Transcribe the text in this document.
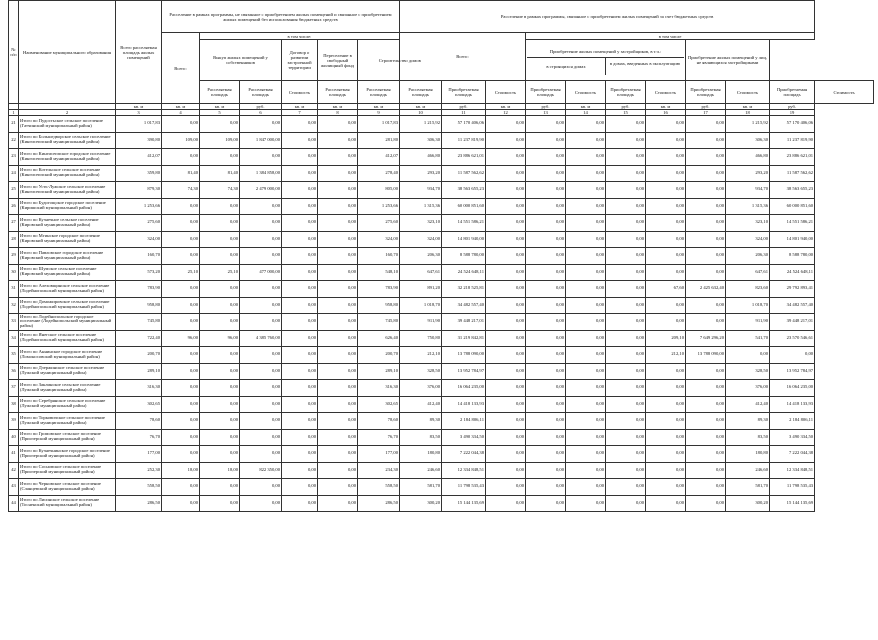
№ п/п	Наименование муниципального образования	Всего расселяемая площадь жилых помещений	Расселение в рамках программы, не связанное с приобретением жилых помещений и связанное с приобретением жилых помещений без использования бюджетных средств						Расселение в рамках программы, связанное с приобретением жилых помещений за счет бюджетных средств										
			Всего:	в том числе:					Всего:			в том числе							
				Выкуп жилых помещений у собственников		Договор о развитии застроенной территории	Переселение в свободный жилищный фонд	Строительство домов				Приобретение жилых помещений у застройщиков, в т.ч.:
в строящихся домах
в домах, введенных в эксплуатацию				Приобретение жилых помещений у лиц, не являющихся застройщиками			
				Расселяемая площадь	Расселяемая площадь	Стоимость	Расселяемая площадь	Расселяемая площадь	Расселяемая площадь	Приобретаемая площадь	Стоимость	Приобретаемая площадь	Стоимость	Приобретаемая площадь	Стоимость	Приобретаемая площадь	Стоимость	Приобретаемая площадь	Стоимость
		кв. м	кв. м	кв. м	руб.	кв. м	кв. м	кв. м	кв. м	руб.	кв. м	руб.	кв. м	руб.	кв. м	руб.	кв. м	руб.	
1	2	3	4	5	6	7	8	9	10	11	12	13	14	15	16	17	18	19	
21	Итого по Пудостьское сельское поселение (Гатчинский муниципальный район)	1 017,83	0,00	0,00	0,00	0,00	0,00	1 017,83	1 215,92	57 170 406,06	0,00	0,00	0,00	0,00	0,00	0,00	1 215,92	57 170 406,06	
22	Итого по Большедворское сельское поселение (Кингисеппский муниципальный район)	390,80	109,00	109,00	1 847 000,00	0,00	0,00	281,80	306,30	11 237 819,90	0,00	0,00	0,00	0,00	0,00	0,00	306,30	11 237 819,90	
23	Итого по Кингисеппское городское поселение (Кингисеппский муниципальный район)	412,07	0,00	0,00	0,00	0,00	0,00	412,07	466,80	23 886 621,01	0,00	0,00	0,00	0,00	0,00	0,00	466,80	23 886 621,01	
24	Итого по Котельское сельское поселение (Кингисеппский муниципальный район)	359,80	81,40	81,40	1 384 858,00	0,00	0,00	278,40	293,20	11 587 562,62	0,00	0,00	0,00	0,00	0,00	0,00	293,20	11 587 562,62	
25	Итого по Усть-Лужское сельское поселение (Кингисеппский муниципальный район)	879,30	74,30	74,30	2 479 000,00	0,00	0,00	805,00	934,70	38 563 655,23	0,00	0,00	0,00	0,00	0,00	0,00	934,70	38 563 655,23	
26	Итого по Будогощское городское поселение (Киришский муниципальный район)	1 253,66	0,00	0,00	0,00	0,00	0,00	1 253,66	1 315,36	60 000 851,60	0,00	0,00	0,00	0,00	0,00	0,00	1 315,36	60 000 851,60	
27	Итого по Кузнечное сельское поселение (Кировский муниципальный район)	275,60	0,00	0,00	0,00	0,00	0,00	275,60	323,10	14 551 586,21	0,00	0,00	0,00	0,00	0,00	0,00	323,10	14 551 586,21	
28	Итого по Мгинское городское поселение (Кировский муниципальный район)	324,00	0,00	0,00	0,00	0,00	0,00	324,00	324,00	14 801 940,00	0,00	0,00	0,00	0,00	0,00	0,00	324,00	14 801 940,00	
29	Итого по Павловское городское поселение (Кировский муниципальный район)	160,70	0,00	0,00	0,00	0,00	0,00	160,70	206,30	8 588 780,00	0,00	0,00	0,00	0,00	0,00	0,00	206,30	8 588 780,00	
30	Итого по Шумское сельское поселение (Кировский муниципальный район)	573,20	25,10	25,10	477 000,00	0,00	0,00	548,10	647,61	24 524 648,11	0,00	0,00	0,00	0,00	0,00	0,00	647,61	24 524 648,11	
31	Итого по Алеховщинское сельское поселение (Лодейнопольский муниципальный район)	783,90	0,00	0,00	0,00	0,00	0,00	783,90	891,20	32 218 525,81	0,00	0,00	0,00	0,00	67,60	2 425 632,40	823,60	29 792 893,41	
32	Итого по Доможировское сельское поселение (Лодейнопольский муниципальный район)	958,80	0,00	0,00	0,00	0,00	0,00	958,80	1 018,70	34 482 557,40	0,00	0,00	0,00	0,00	0,00	0,00	1 018,70	34 482 557,40	
33	Итого по Лодейнопольское городское поселение (Лодейнопольский муниципальный район)	745,80	0,00	0,00	0,00	0,00	0,00	745,80	911,90	39 448 217,01	0,00	0,00	0,00	0,00	0,00	0,00	911,90	39 448 217,01	
34	Итого по Янегское сельское поселение (Лодейнопольский муниципальный район)	722,40	96,00	96,00	4 385 760,00	0,00	0,00	626,40	750,80	31 219 842,81	0,00	0,00	0,00	0,00	209,10	7 649 296,20	541,70	23 570 546,61	
35	Итого по Аннинское городское поселение (Ломоносовский муниципальный район)	200,70	0,00	0,00	0,00	0,00	0,00	200,70	212,10	13 788 090,00	0,00	0,00	0,00	0,00	212,10	13 788 090,00	0,00	0,00	
36	Итого по Дзержинское сельское поселение (Лужский муниципальный район)	289,10	0,00	0,00	0,00	0,00	0,00	289,10	328,50	13 952 784,97	0,00	0,00	0,00	0,00	0,00	0,00	328,50	13 952 784,97	
37	Итого по Заклинское сельское поселение (Лужский муниципальный район)	316,30	0,00	0,00	0,00	0,00	0,00	316,30	376,00	16 064 235,00	0,00	0,00	0,00	0,00	0,00	0,00	376,00	16 064 235,00	
38	Итого по Серебрянское сельское поселение (Лужский муниципальный район)	302,65	0,00	0,00	0,00	0,00	0,00	302,65	412,40	14 418 133,93	0,00	0,00	0,00	0,00	0,00	0,00	412,40	14 418 133,93	
39	Итого по Торковичское сельское поселение (Лужский муниципальный район)	78,60	0,00	0,00	0,00	0,00	0,00	78,60	89,30	2 184 806,11	0,00	0,00	0,00	0,00	0,00	0,00	89,30	2 184 806,11	
40	Итого по Громовское сельское поселение (Приозерский муниципальный район)	76,70	0,00	0,00	0,00	0,00	0,00	76,70	83,50	3 490 334,50	0,00	0,00	0,00	0,00	0,00	0,00	83,50	3 490 334,50	
41	Итого по Кузнечнинское городское поселение (Приозерский муниципальный район)	177,00	0,00	0,00	0,00	0,00	0,00	177,00	180,80	7 222 044,38	0,00	0,00	0,00	0,00	0,00	0,00	180,80	7 222 044,38	
42	Итого по Сосновское сельское поселение (Приозерский муниципальный район)	252,30	18,00	18,00	822 350,00	0,00	0,00	234,30	246,60	12 334 848,51	0,00	0,00	0,00	0,00	0,00	0,00	246,60	12 334 848,51	
43	Итого по Черновское сельское поселение (Сланцевский муниципальный район)	558,50	0,00	0,00	0,00	0,00	0,00	558,50	581,70	11 798 535,43	0,00	0,00	0,00	0,00	0,00	0,00	581,70	11 798 535,43	
44	Итого по Лисинское сельское поселение (Тосненский муниципальный район)	286,50	0,00	0,00	0,00	0,00	0,00	286,50	300,20	15 144 135,69	0,00	0,00	0,00	0,00	0,00	0,00	300,20	15 144 135,69	
